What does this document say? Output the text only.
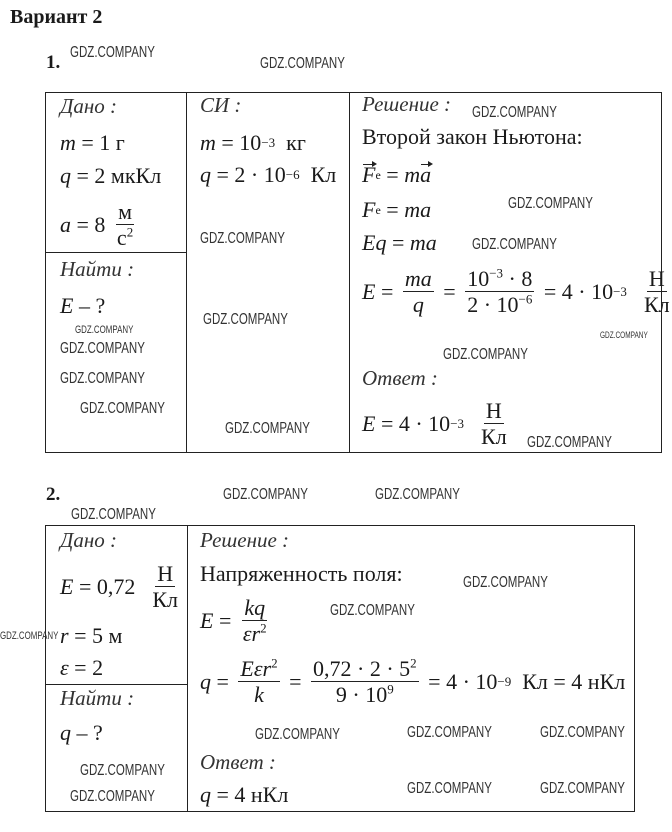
Вариант 2
1.
Дано :
m = 1 г
q = 2 мкКл
$a = 8 \frac{м}{с^2}$
Найти :
E – ?
СИ :
m = 10 −3 кг
q = 2 · 10 −6 Кл
Решение :
Второй закон Ньютона:
F e = m a
F e = ma
Eq = ma
$E = \frac{ma}{q} = \frac{10^{-3} \cdot 8}{2 \cdot 10^{-6}} = 4 \cdot 10 -3$
$\frac{Н}{Кл}$
Ответ :
E = 4 · 10 −3
$\frac{Н}{Кл}$
2.
Дано :
$E = 0,72 \frac{Н}{Кл}$
r = 5 м
ε = 2
Найти :
q – ?
Решение :
Напряженность поля:
$E = \frac{kq}{\varepsilon r^2}$
$q = \frac{E\varepsilon r^2}{k} = \frac{0,72 \cdot 2 \cdot 5^2}{9 \cdot 10^9} = 4 \cdot 10 -9$ Кл = 4 нКл
Ответ :
q = 4 нКл
GDZ.COMPANY
GDZ.COMPANY
GDZ.COMPANY
GDZ.COMPANY
GDZ.COMPANY
GDZ.COMPANY
GDZ.COMPANY
GDZ.COMPANY
GDZ.COMPANY
GDZ.COMPANY
GDZ.COMPANY
GDZ.COMPANY
GDZ.COMPANY
GDZ.COMPANY
GDZ.COMPANY
GDZ.COMPANY	GDZ.COMPANY
GDZ.COMPANY
GDZ.COMPANY
GDZ.COMPANY
GDZ.COMPANY
GDZ.COMPANY
GDZ.COMPANY	GDZ.COMPANY
GDZ.COMPANY
GDZ.COMPANY
GDZ.COMPANY	GDZ.COMPANY
